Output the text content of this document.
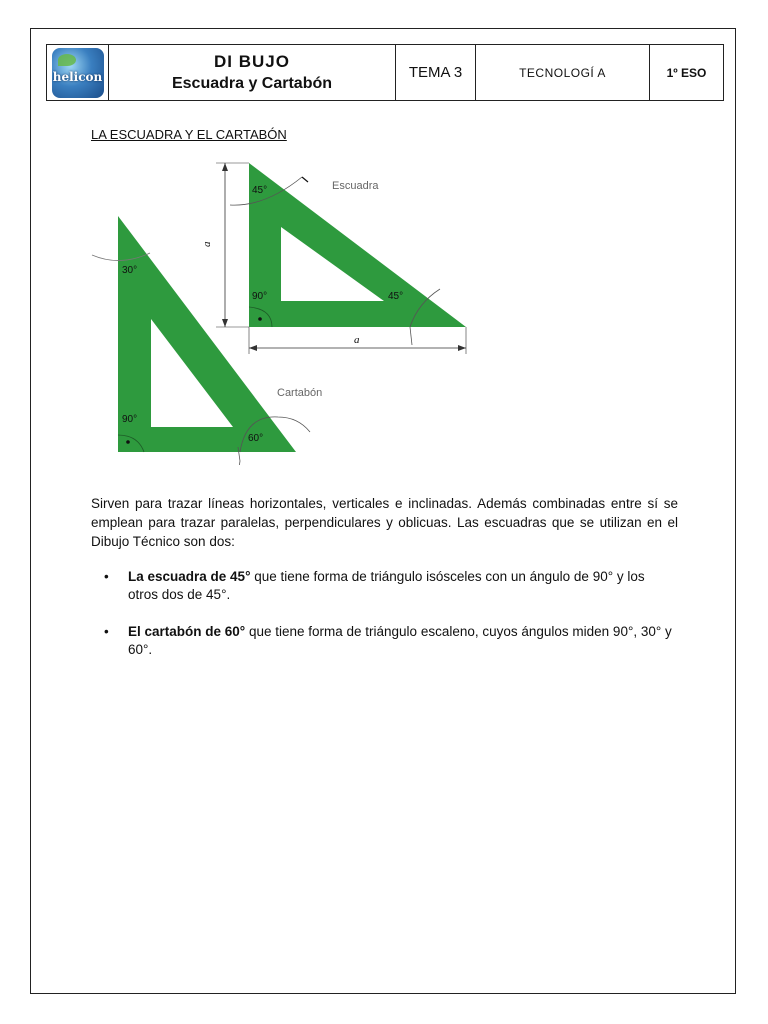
helicon
DI BUJO
Escuadra y Cartabón
TEMA 3	TECNOLOGÍ A	1º ESO
LA ESCUADRA Y EL CARTABÓN
30°
90°
60°
Cartabón
45°
90°	45°
Escuadra
a
a

Sirven para trazar líneas horizontales, verticales e inclinadas. Además combinadas entre sí se emplean para trazar paralelas, perpendiculares y oblicuas. Las escuadras que se utilizan en el Dibujo Técnico son dos:

• La escuadra de 45° que tiene forma de triángulo isósceles con un ángulo de 90° y los otros dos de 45°.
• El cartabón de 60° que tiene forma de triángulo escaleno, cuyos ángulos miden 90°, 30° y 60°.
